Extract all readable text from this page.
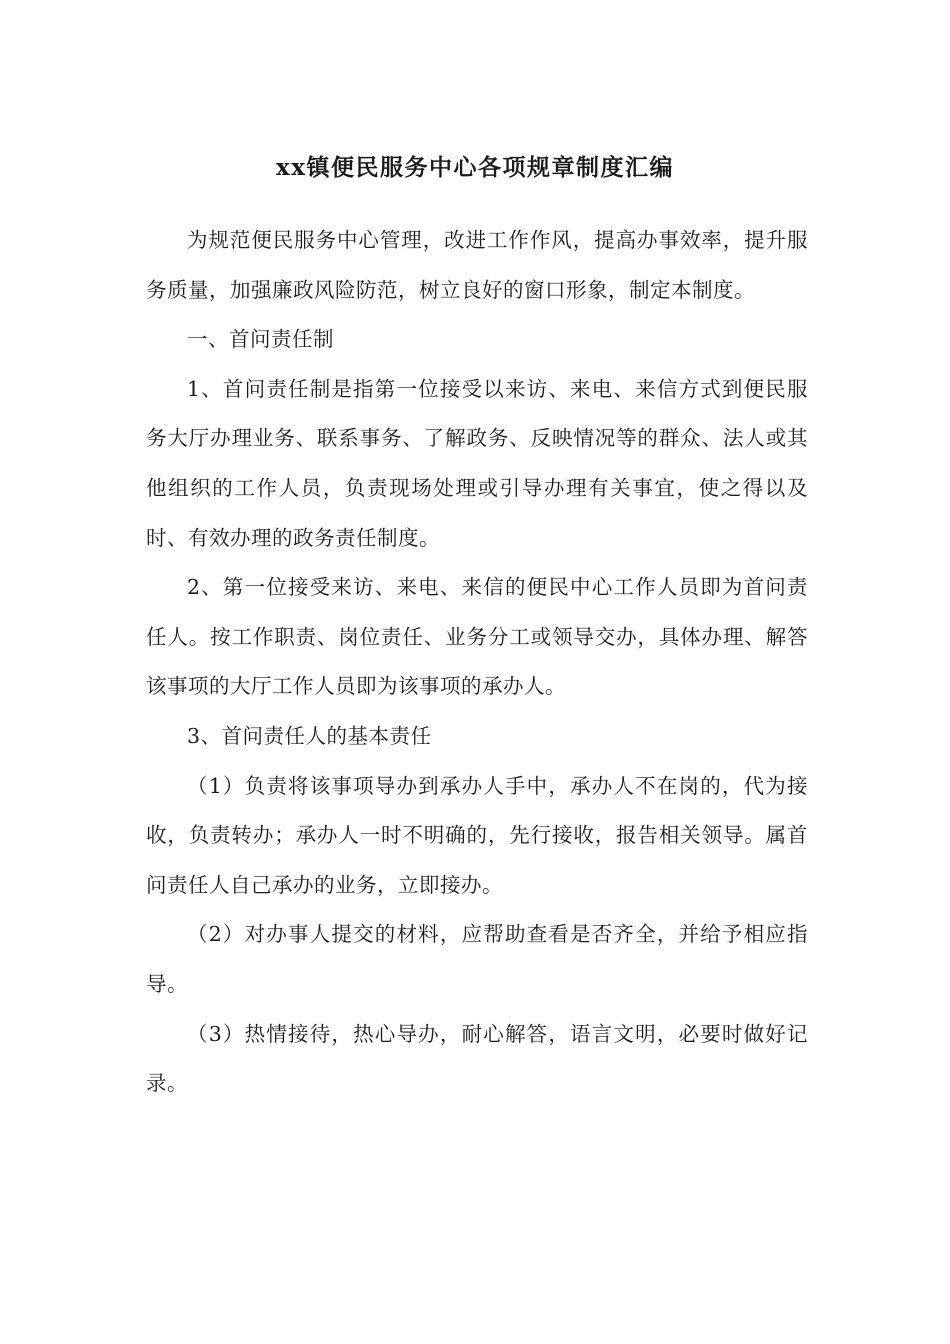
xx镇便民服务中心各项规章制度汇编

为规范便民服务中心管理，改进工作作风，提高办事效率，提升服务质量，加强廉政风险防范，树立良好的窗口形象，制定本制度。

一、首问责任制

1、首问责任制是指第一位接受以来访、来电、来信方式到便民服务大厅办理业务、联系事务、了解政务、反映情况等的群众、法人或其他组织的工作人员，负责现场处理或引导办理有关事宜，使之得以及时、有效办理的政务责任制度。

2、第一位接受来访、来电、来信的便民中心工作人员即为首问责任人。按工作职责、岗位责任、业务分工或领导交办，具体办理、解答该事项的大厅工作人员即为该事项的承办人。

3、首问责任人的基本责任

（1）负责将该事项导办到承办人手中，承办人不在岗的，代为接收，负责转办；承办人一时不明确的，先行接收，报告相关领导。属首问责任人自己承办的业务，立即接办。

（2）对办事人提交的材料，应帮助查看是否齐全，并给予相应指导。

（3）热情接待，热心导办，耐心解答，语言文明，必要时做好记录。
